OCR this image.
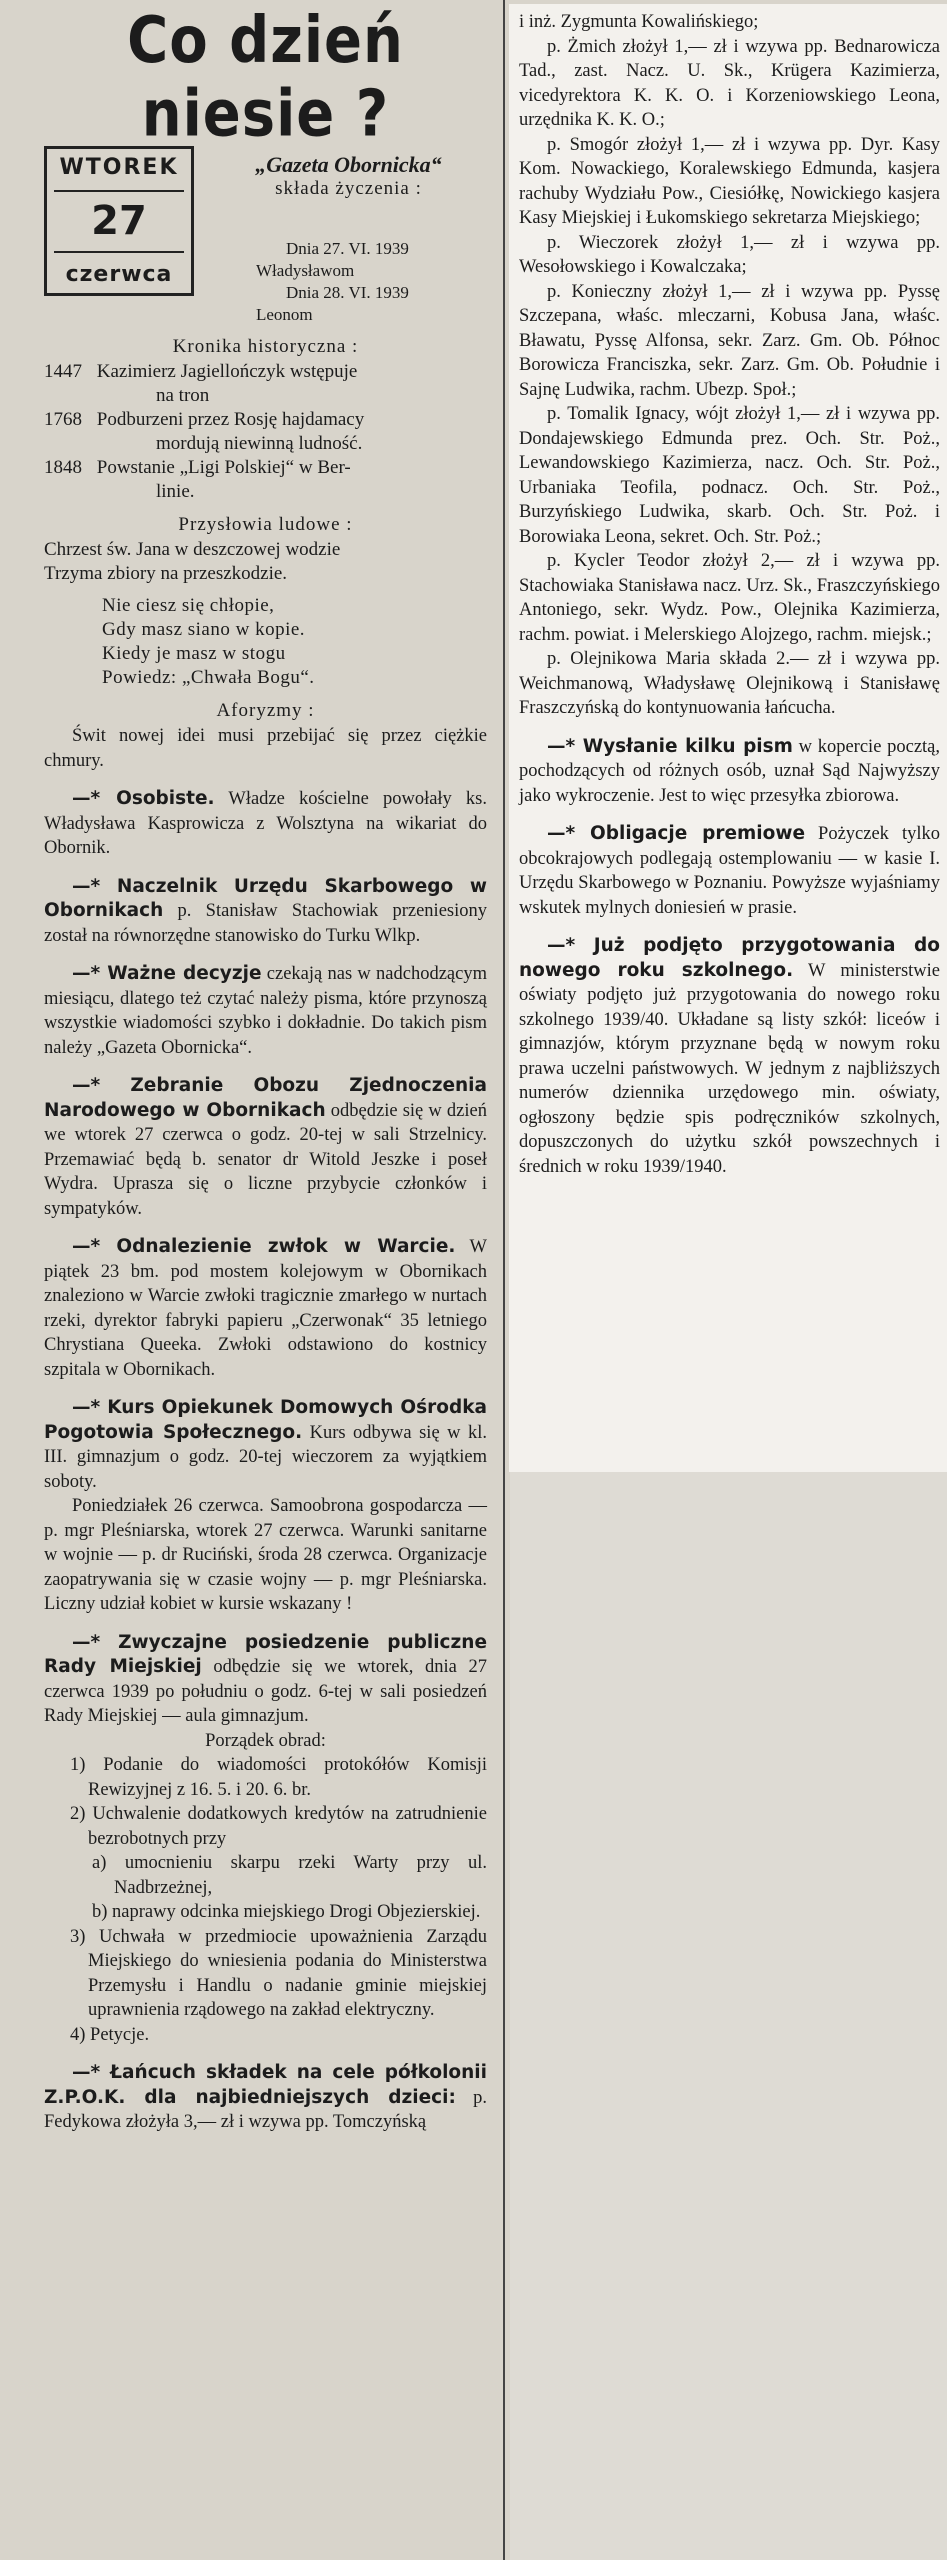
Co dzień niesie ?
WTOREK
27
czerwca
„Gazeta Obornicka“
składa życzenia :
Dnia 27. VI. 1939
Władysławom
Dnia 28. VI. 1939
Leonom
Kronika historyczna :
1447 Kazimierz Jagiellończyk wstępuje
na tron
1768 Podburzeni przez Rosję hajdamacy
mordują niewinną ludność.
1848 Powstanie „Ligi Polskiej“ w Ber-
linie.
Przysłowia ludowe :
Chrzest św. Jana w deszczowej wodzie
Trzyma zbiory na przeszkodzie.
Nie ciesz się chłopie,
Gdy masz siano w kopie.
Kiedy je masz w stogu
Powiedz: „Chwała Bogu“.
Aforyzmy :

Świt nowej idei musi przebijać się przez ciężkie chmury.

—* Osobiste. Władze kościelne powołały ks. Władysława Kasprowicza z Wolsztyna na wikariat do Obornik.

—* Naczelnik Urzędu Skarbowego w Obornikach p. Stanisław Stachowiak przeniesiony został na równorzędne stanowisko do Turku Wlkp.

—* Ważne decyzje czekają nas w nadchodzącym miesiącu, dlatego też czytać należy pisma, które przynoszą wszystkie wiadomości szybko i dokładnie. Do takich pism należy „Gazeta Obornicka“.

—* Zebranie Obozu Zjednoczenia Narodowego w Obornikach odbędzie się w dzień we wtorek 27 czerwca o godz. 20-tej w sali Strzelnicy. Przemawiać będą b. senator dr Witold Jeszke i poseł Wydra. Uprasza się o liczne przybycie członków i sympatyków.

—* Odnalezienie zwłok w Warcie. W piątek 23 bm. pod mostem kolejowym w Obornikach znaleziono w Warcie zwłoki tragicznie zmarłego w nurtach rzeki, dyrektor fabryki papieru „Czerwonak“ 35 letniego Chrystiana Queeka. Zwłoki odstawiono do kostnicy szpitala w Obornikach.

—* Kurs Opiekunek Domowych Ośrodka Pogotowia Społecznego. Kurs odbywa się w kl. III. gimnazjum o godz. 20-tej wieczorem za wyjątkiem soboty.

Poniedziałek 26 czerwca. Samoobrona gospodarcza — p. mgr Pleśniarska, wtorek 27 czerwca. Warunki sanitarne w wojnie — p. dr Ruciński, środa 28 czerwca. Organizacje zaopatrywania się w czasie wojny — p. mgr Pleśniarska. Liczny udział kobiet w kursie wskazany !

—* Zwyczajne posiedzenie publiczne Rady Miejskiej odbędzie się we wtorek, dnia 27 czerwca 1939 po południu o godz. 6-tej w sali posiedzeń Rady Miejskiej — aula gimnazjum.

Porządek obrad:

1) Podanie do wiadomości protokółów Komisji Rewizyjnej z 16. 5. i 20. 6. br.

2) Uchwalenie dodatkowych kredytów na zatrudnienie bezrobotnych przy

a) umocnieniu skarpu rzeki Warty przy ul. Nadbrzeżnej,

b) naprawy odcinka miejskiego Drogi Objezierskiej.

3) Uchwała w przedmiocie upoważnienia Zarządu Miejskiego do wniesienia podania do Ministerstwa Przemysłu i Handlu o nadanie gminie miejskiej uprawnienia rządowego na zakład elektryczny.

4) Petycje.

—* Łańcuch składek na cele półkolonii Z.P.O.K. dla najbiedniejszych dzieci: p. Fedykowa złożyła 3,— zł i wzywa pp. Tomczyńską

i inż. Zygmunta Kowalińskiego;

p. Żmich złożył 1,— zł i wzywa pp. Bednarowicza Tad., zast. Nacz. U. Sk., Krügera Kazimierza, vicedyrektora K. K. O. i Korzeniowskiego Leona, urzędnika K. K. O.;

p. Smogór złożył 1,— zł i wzywa pp. Dyr. Kasy Kom. Nowackiego, Koralewskiego Edmunda, kasjera rachuby Wydziału Pow., Ciesiółkę, Nowickiego kasjera Kasy Miejskiej i Łukomskiego sekretarza Miejskiego;

p. Wieczorek złożył 1,— zł i wzywa pp. Wesołowskiego i Kowalczaka;

p. Konieczny złożył 1,— zł i wzywa pp. Pyssę Szczepana, właśc. mleczarni, Kobusa Jana, właśc. Bławatu, Pyssę Alfonsa, sekr. Zarz. Gm. Ob. Północ Borowicza Franciszka, sekr. Zarz. Gm. Ob. Południe i Sajnę Ludwika, rachm. Ubezp. Społ.;

p. Tomalik Ignacy, wójt złożył 1,— zł i wzywa pp. Dondajewskiego Edmunda prez. Och. Str. Poż., Lewandowskiego Kazimierza, nacz. Och. Str. Poż., Urbaniaka Teofila, podnacz. Och. Str. Poż., Burzyńskiego Ludwika, skarb. Och. Str. Poż. i Borowiaka Leona, sekret. Och. Str. Poż.;

p. Kycler Teodor złożył 2,— zł i wzywa pp. Stachowiaka Stanisława nacz. Urz. Sk., Fraszczyńskiego Antoniego, sekr. Wydz. Pow., Olejnika Kazimierza, rachm. powiat. i Melerskiego Alojzego, rachm. miejsk.;

p. Olejnikowa Maria składa 2.— zł i wzywa pp. Weichmanową, Władysławę Olejnikową i Stanisławę Fraszczyńską do kontynuowania łańcucha.

—* Wysłanie kilku pism w kopercie pocztą, pochodzących od różnych osób, uznał Sąd Najwyższy jako wykroczenie. Jest to więc przesyłka zbiorowa.

—* Obligacje premiowe Pożyczek tylko obcokrajowych podlegają ostemplowaniu — w kasie I. Urzędu Skarbowego w Poznaniu. Powyższe wyjaśniamy wskutek mylnych doniesień w prasie.

—* Już podjęto przygotowania do nowego roku szkolnego. W ministerstwie oświaty podjęto już przygotowania do nowego roku szkolnego 1939/40. Układane są listy szkół: liceów i gimnazjów, którym przyznane będą w nowym roku prawa uczelni państwowych. W jednym z najbliższych numerów dziennika urzędowego min. oświaty, ogłoszony będzie spis podręczników szkolnych, dopuszczonych do użytku szkół powszechnych i średnich w roku 1939/1940.
